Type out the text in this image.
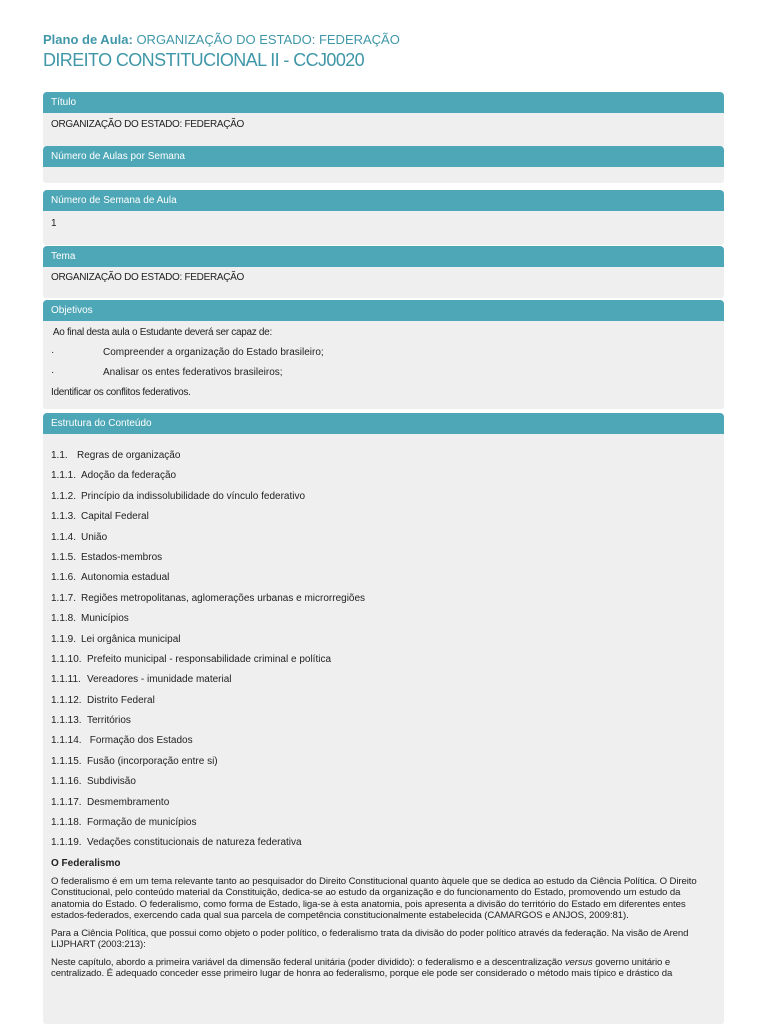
Plano de Aula: ORGANIZAÇÃO DO ESTADO: FEDERAÇÃO
DIREITO CONSTITUCIONAL II - CCJ0020
Título
ORGANIZAÇÃO DO ESTADO: FEDERAÇÃO
Número de Aulas por Semana
Número de Semana de Aula
1
Tema
ORGANIZAÇÃO DO ESTADO: FEDERAÇÃO
Objetivos
Ao final desta aula o Estudante deverá ser capaz de:
·	Compreender a organização do Estado brasileiro;
·	Analisar os entes federativos brasileiros;
Identificar os conflitos federativos.
Estrutura do Conteúdo
1.1. Regras de organização
1.1.1. Adoção da federação
1.1.2. Princípio da indissolubilidade do vínculo federativo
1.1.3. Capital Federal
1.1.4. União
1.1.5. Estados-membros
1.1.6. Autonomia estadual
1.1.7. Regiões metropolitanas, aglomerações urbanas e microrregiões
1.1.8. Municípios
1.1.9. Lei orgânica municipal
1.1.10. Prefeito municipal - responsabilidade criminal e política
1.1.11. Vereadores - imunidade material
1.1.12. Distrito Federal
1.1.13. Territórios
1.1.14. Formação dos Estados
1.1.15. Fusão (incorporação entre si)
1.1.16. Subdivisão
1.1.17. Desmembramento
1.1.18. Formação de municípios
1.1.19. Vedações constitucionais de natureza federativa
O Federalismo
O federalismo é em um tema relevante tanto ao pesquisador do Direito Constitucional quanto àquele que se dedica ao estudo da Ciência Política. O Direito Constitucional, pelo conteúdo material da Constituição, dedica-se ao estudo da organização e do funcionamento do Estado, promovendo um estudo da anatomia do Estado. O federalismo, como forma de Estado, liga-se à esta anatomia, pois apresenta a divisão do território do Estado em diferentes entes estados-federados, exercendo cada qual sua parcela de competência constitucionalmente estabelecida (CAMARGOS e ANJOS, 2009:81).
Para a Ciência Política, que possui como objeto o poder político, o federalismo trata da divisão do poder político através da federação. Na visão de Arend LIJPHART (2003:213):
Neste capítulo, abordo a primeira variável da dimensão federal unitária (poder dividido): o federalismo e a descentralização versus governo unitário e centralizado. É adequado conceder esse primeiro lugar de honra ao federalismo, porque ele pode ser considerado o método mais típico e drástico da
